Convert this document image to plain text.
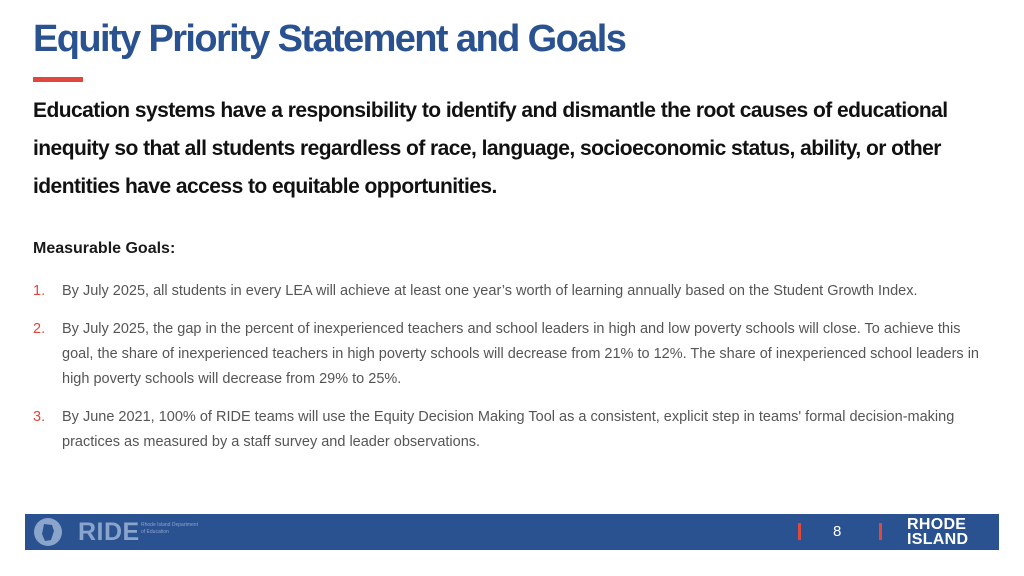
Equity Priority Statement and Goals

Education systems have a responsibility to identify and dismantle the root causes of educational inequity so that all students regardless of race, language, socioeconomic status, ability, or other identities have access to equitable opportunities.

Measurable Goals:
1.	By July 2025, all students in every LEA will achieve at least one year’s worth of learning annually based on the Student Growth Index.
2.	By July 2025, the gap in the percent of inexperienced teachers and school leaders in high and low poverty schools will close. To achieve this goal, the share of inexperienced teachers in high poverty schools will decrease from 21% to 12%. The share of inexperienced school leaders in high poverty schools will decrease from 29% to 25%.
3.	By June 2021, 100% of RIDE teams will use the Equity Decision Making Tool as a consistent, explicit step in teams' formal decision-making practices as measured by a staff survey and leader observations.
RIDE Rhode Island Department of Education	8	RHODE
ISLAND
